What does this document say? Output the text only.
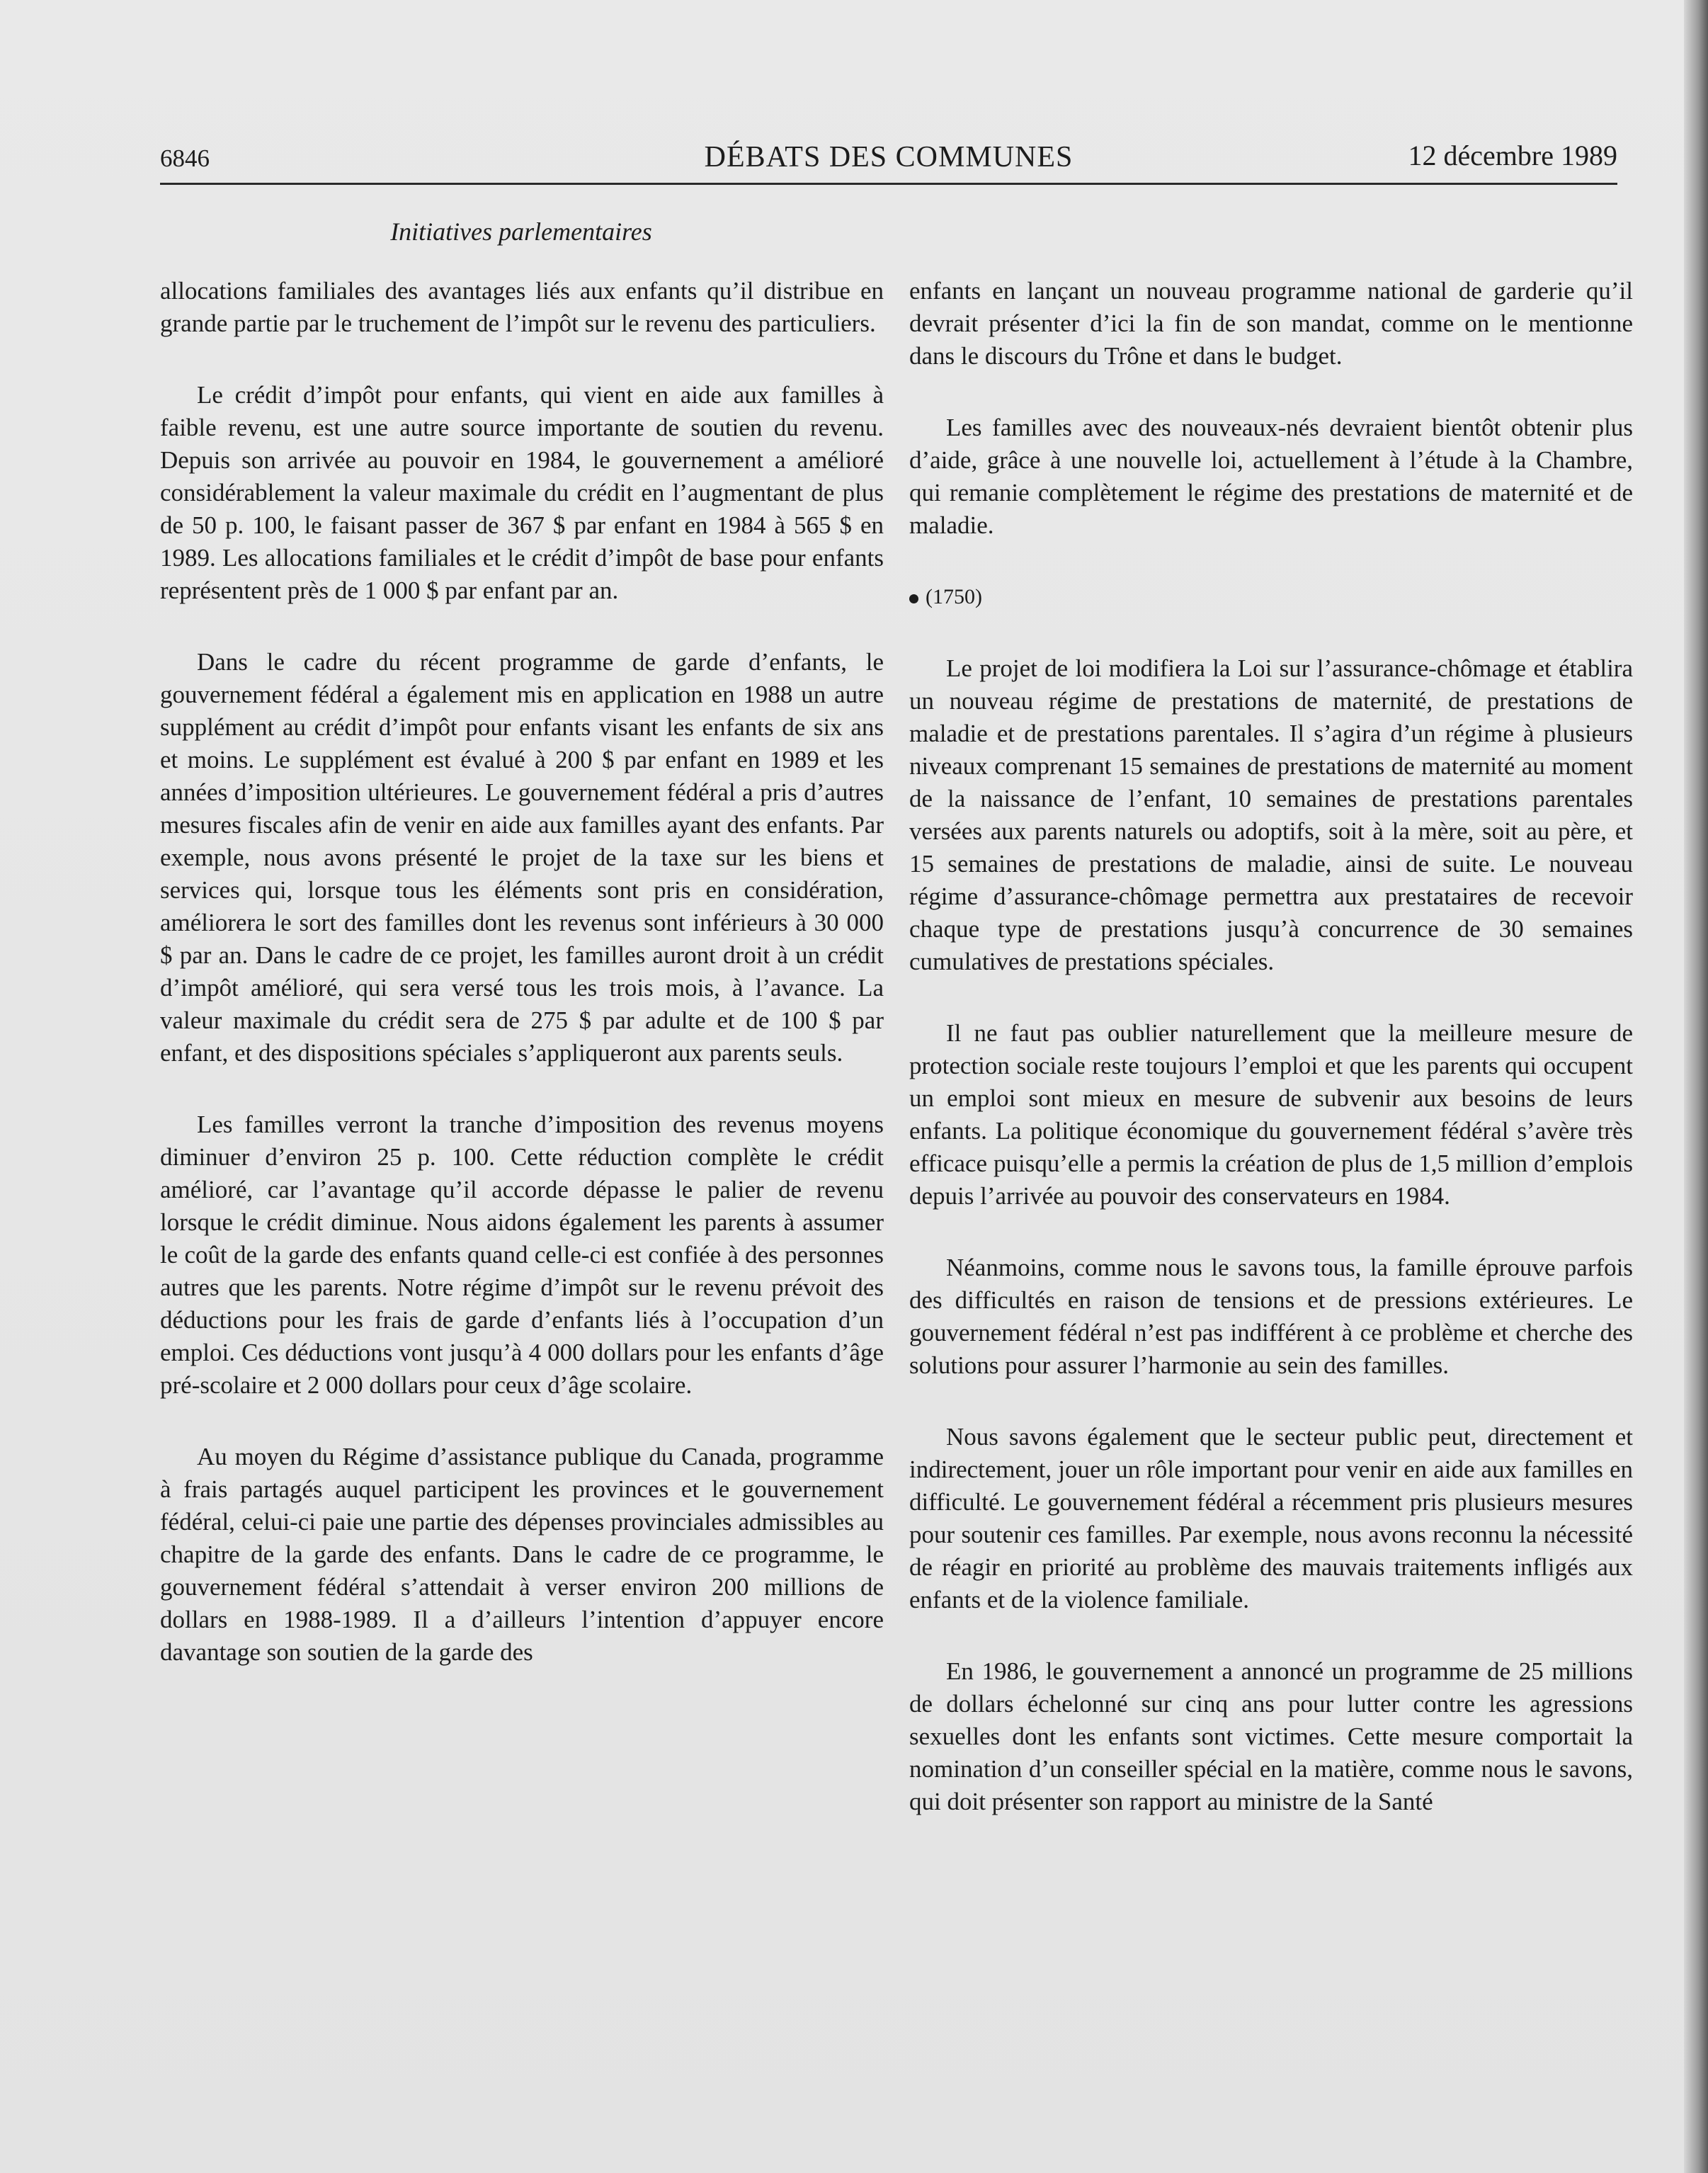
6846	DÉBATS DES COMMUNES	12 décembre 1989
Initiatives parlementaires

allocations familiales des avantages liés aux enfants qu’il distribue en grande partie par le truchement de l’impôt sur le revenu des particuliers.

Le crédit d’impôt pour enfants, qui vient en aide aux familles à faible revenu, est une autre source importante de soutien du revenu. Depuis son arrivée au pouvoir en 1984, le gouvernement a amélioré considérablement la valeur maximale du crédit en l’augmentant de plus de 50 p. 100, le faisant passer de 367 $ par enfant en 1984 à 565 $ en 1989. Les allocations familiales et le crédit d’impôt de base pour enfants représentent près de 1 000 $ par enfant par an.

Dans le cadre du récent programme de garde d’enfants, le gouvernement fédéral a également mis en application en 1988 un autre supplément au crédit d’impôt pour enfants visant les enfants de six ans et moins. Le supplément est évalué à 200 $ par enfant en 1989 et les années d’imposition ultérieures. Le gouvernement fédéral a pris d’autres mesures fiscales afin de venir en aide aux familles ayant des enfants. Par exemple, nous avons présenté le projet de la taxe sur les biens et services qui, lorsque tous les éléments sont pris en considération, améliorera le sort des familles dont les revenus sont inférieurs à 30 000 $ par an. Dans le cadre de ce projet, les familles auront droit à un crédit d’impôt amélioré, qui sera versé tous les trois mois, à l’avance. La valeur maximale du crédit sera de 275 $ par adulte et de 100 $ par enfant, et des dispositions spéciales s’appliqueront aux parents seuls.

Les familles verront la tranche d’imposition des revenus moyens diminuer d’environ 25 p. 100. Cette réduction complète le crédit amélioré, car l’avantage qu’il accorde dépasse le palier de revenu lorsque le crédit diminue. Nous aidons également les parents à assumer le coût de la garde des enfants quand celle-ci est confiée à des personnes autres que les parents. Notre régime d’impôt sur le revenu prévoit des déductions pour les frais de garde d’enfants liés à l’occupation d’un emploi. Ces déductions vont jusqu’à 4 000 dollars pour les enfants d’âge pré-scolaire et 2 000 dollars pour ceux d’âge scolaire.

Au moyen du Régime d’assistance publique du Canada, programme à frais partagés auquel participent les provinces et le gouvernement fédéral, celui-ci paie une partie des dépenses provinciales admissibles au chapitre de la garde des enfants. Dans le cadre de ce programme, le gouvernement fédéral s’attendait à verser environ 200 millions de dollars en 1988-1989. Il a d’ailleurs l’intention d’appuyer encore davantage son soutien de la garde des

enfants en lançant un nouveau programme national de garderie qu’il devrait présenter d’ici la fin de son mandat, comme on le mentionne dans le discours du Trône et dans le budget.

Les familles avec des nouveaux-nés devraient bientôt obtenir plus d’aide, grâce à une nouvelle loi, actuellement à l’étude à la Chambre, qui remanie complètement le régime des prestations de maternité et de maladie.

(1750)

Le projet de loi modifiera la Loi sur l’assurance-chômage et établira un nouveau régime de prestations de maternité, de prestations de maladie et de prestations parentales. Il s’agira d’un régime à plusieurs niveaux comprenant 15 semaines de prestations de maternité au moment de la naissance de l’enfant, 10 semaines de prestations parentales versées aux parents naturels ou adoptifs, soit à la mère, soit au père, et 15 semaines de prestations de maladie, ainsi de suite. Le nouveau régime d’assurance-chômage permettra aux prestataires de recevoir chaque type de prestations jusqu’à concurrence de 30 semaines cumulatives de prestations spéciales.

Il ne faut pas oublier naturellement que la meilleure mesure de protection sociale reste toujours l’emploi et que les parents qui occupent un emploi sont mieux en mesure de subvenir aux besoins de leurs enfants. La politique économique du gouvernement fédéral s’avère très efficace puisqu’elle a permis la création de plus de 1,5 million d’emplois depuis l’arrivée au pouvoir des conservateurs en 1984.

Néanmoins, comme nous le savons tous, la famille éprouve parfois des difficultés en raison de tensions et de pressions extérieures. Le gouvernement fédéral n’est pas indifférent à ce problème et cherche des solutions pour assurer l’harmonie au sein des familles.

Nous savons également que le secteur public peut, directement et indirectement, jouer un rôle important pour venir en aide aux familles en difficulté. Le gouvernement fédéral a récemment pris plusieurs mesures pour soutenir ces familles. Par exemple, nous avons reconnu la nécessité de réagir en priorité au problème des mauvais traitements infligés aux enfants et de la violence familiale.

En 1986, le gouvernement a annoncé un programme de 25 millions de dollars échelonné sur cinq ans pour lutter contre les agressions sexuelles dont les enfants sont victimes. Cette mesure comportait la nomination d’un conseiller spécial en la matière, comme nous le savons, qui doit présenter son rapport au ministre de la Santé
